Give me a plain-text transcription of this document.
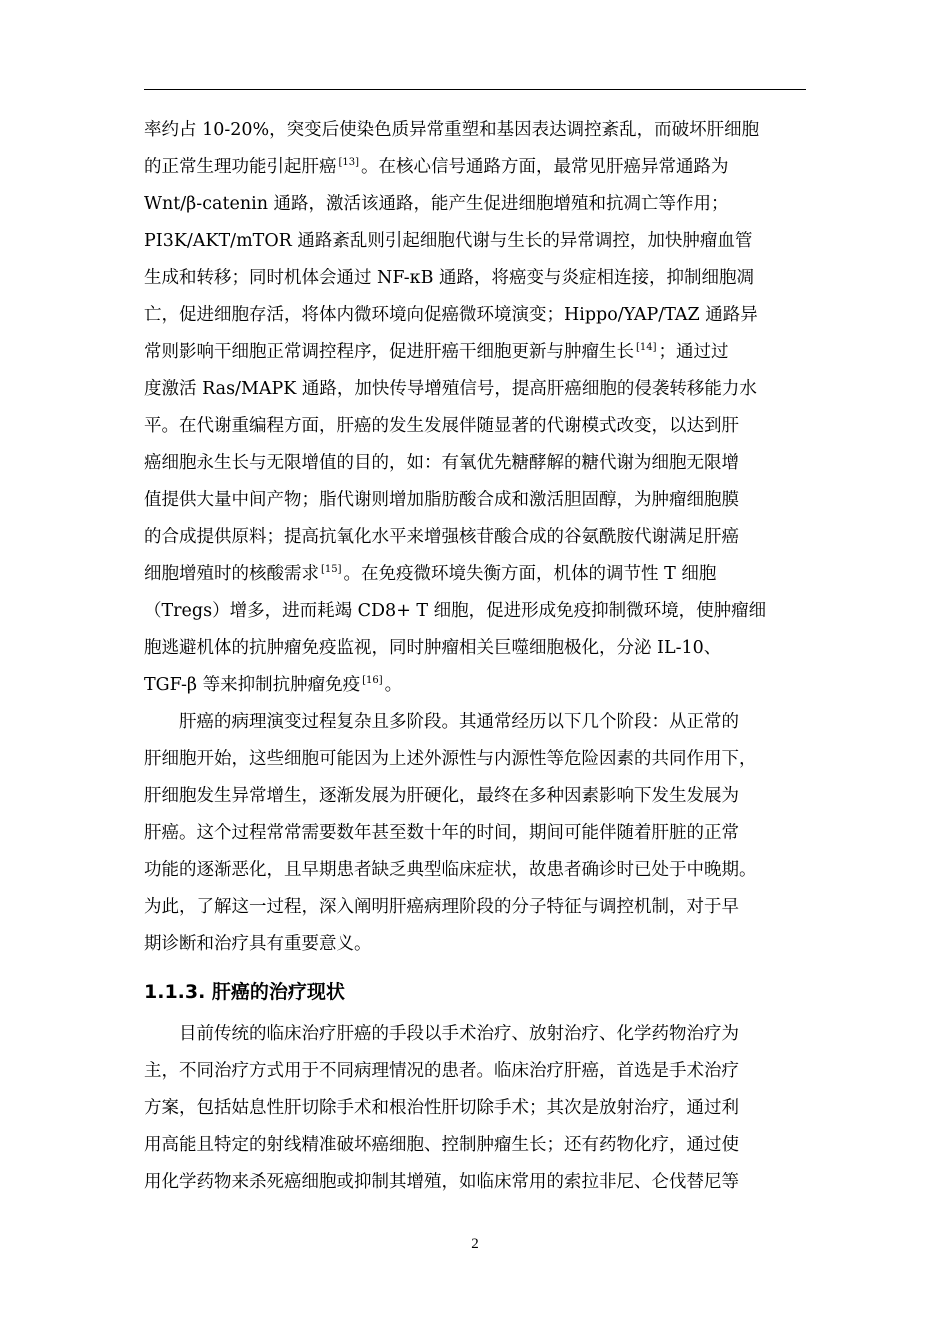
率约占 10-20%，突变后使染色质异常重塑和基因表达调控紊乱，而破坏肝细胞
的正常生理功能引起肝癌 [13] 。在核心信号通路方面，最常见肝癌异常通路为
Wnt/β-catenin 通路，激活该通路，能产生促进细胞增殖和抗凋亡等作用；
PI3K/AKT/mTOR 通路紊乱则引起细胞代谢与生长的异常调控，加快肿瘤血管
生成和转移；同时机体会通过 NF-κB 通路，将癌变与炎症相连接，抑制细胞凋
亡，促进细胞存活，将体内微环境向促癌微环境演变；Hippo/YAP/TAZ 通路异
常则影响干细胞正常调控程序，促进肝癌干细胞更新与肿瘤生长 [14] ；通过过
度激活 Ras/MAPK 通路，加快传导增殖信号，提高肝癌细胞的侵袭转移能力水
平。在代谢重编程方面，肝癌的发生发展伴随显著的代谢模式改变，以达到肝
癌细胞永生长与无限增值的目的，如：有氧优先糖酵解的糖代谢为细胞无限增
值提供大量中间产物；脂代谢则增加脂肪酸合成和激活胆固醇，为肿瘤细胞膜
的合成提供原料；提高抗氧化水平来增强核苷酸合成的谷氨酰胺代谢满足肝癌
细胞增殖时的核酸需求 [15] 。在免疫微环境失衡方面，机体的调节性 T 细胞
（Tregs）增多，进而耗竭 CD8+ T 细胞，促进形成免疫抑制微环境，使肿瘤细
胞逃避机体的抗肿瘤免疫监视，同时肿瘤相关巨噬细胞极化，分泌 IL-10、
TGF-β 等来抑制抗肿瘤免疫 [16] 。
肝癌的病理演变过程复杂且多阶段。其通常经历以下几个阶段：从正常的
肝细胞开始，这些细胞可能因为上述外源性与内源性等危险因素的共同作用下，
肝细胞发生异常增生，逐渐发展为肝硬化，最终在多种因素影响下发生发展为
肝癌。这个过程常常需要数年甚至数十年的时间，期间可能伴随着肝脏的正常
功能的逐渐恶化，且早期患者缺乏典型临床症状，故患者确诊时已处于中晚期。
为此，了解这一过程，深入阐明肝癌病理阶段的分子特征与调控机制，对于早
期诊断和治疗具有重要意义。
1.1.3. 肝癌的治疗现状
目前传统的临床治疗肝癌的手段以手术治疗、放射治疗、化学药物治疗为
主，不同治疗方式用于不同病理情况的患者。临床治疗肝癌，首选是手术治疗
方案，包括姑息性肝切除手术和根治性肝切除手术；其次是放射治疗，通过利
用高能且特定的射线精准破坏癌细胞、控制肿瘤生长；还有药物化疗，通过使
用化学药物来杀死癌细胞或抑制其增殖，如临床常用的索拉非尼、仑伐替尼等
2
